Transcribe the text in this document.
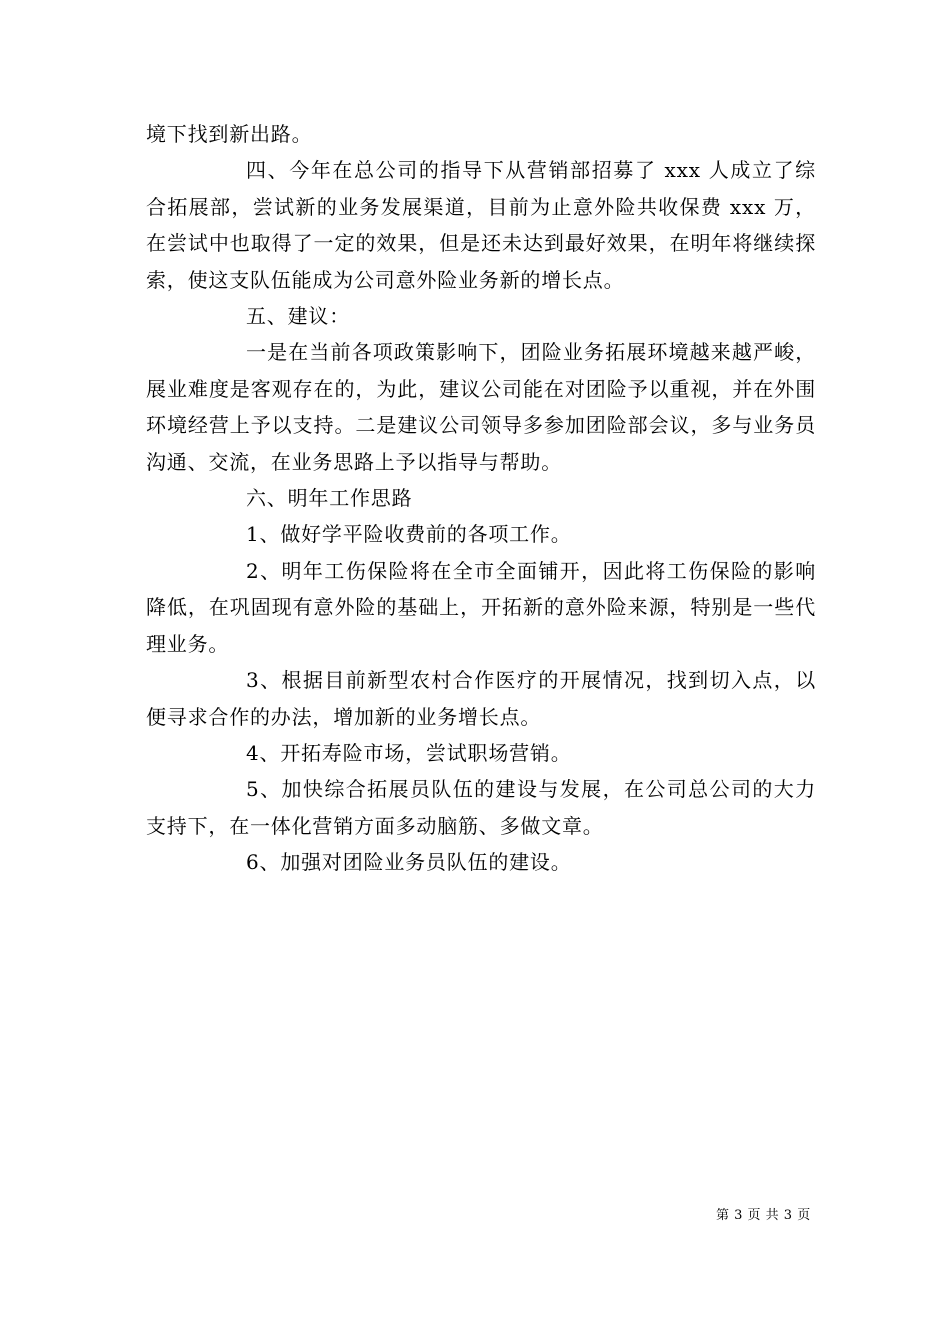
境下找到新出路。

四、今年在总公司的指导下从营销部招募了 xxx 人成立了综合拓展部，尝试新的业务发展渠道，目前为止意外险共收保费 xxx 万，在尝试中也取得了一定的效果，但是还未达到最好效果，在明年将继续探索，使这支队伍能成为公司意外险业务新的增长点。

五、建议：

一是在当前各项政策影响下，团险业务拓展环境越来越严峻，展业难度是客观存在的，为此，建议公司能在对团险予以重视，并在外围环境经营上予以支持。二是建议公司领导多参加团险部会议，多与业务员沟通、交流，在业务思路上予以指导与帮助。

六、明年工作思路

1、做好学平险收费前的各项工作。

2、明年工伤保险将在全市全面铺开，因此将工伤保险的影响降低，在巩固现有意外险的基础上，开拓新的意外险来源，特别是一些代理业务。

3、根据目前新型农村合作医疗的开展情况，找到切入点，以便寻求合作的办法，增加新的业务增长点。

4、开拓寿险市场，尝试职场营销。

5、加快综合拓展员队伍的建设与发展，在公司总公司的大力支持下，在一体化营销方面多动脑筋、多做文章。

6、加强对团险业务员队伍的建设。

第 3 页 共 3 页
